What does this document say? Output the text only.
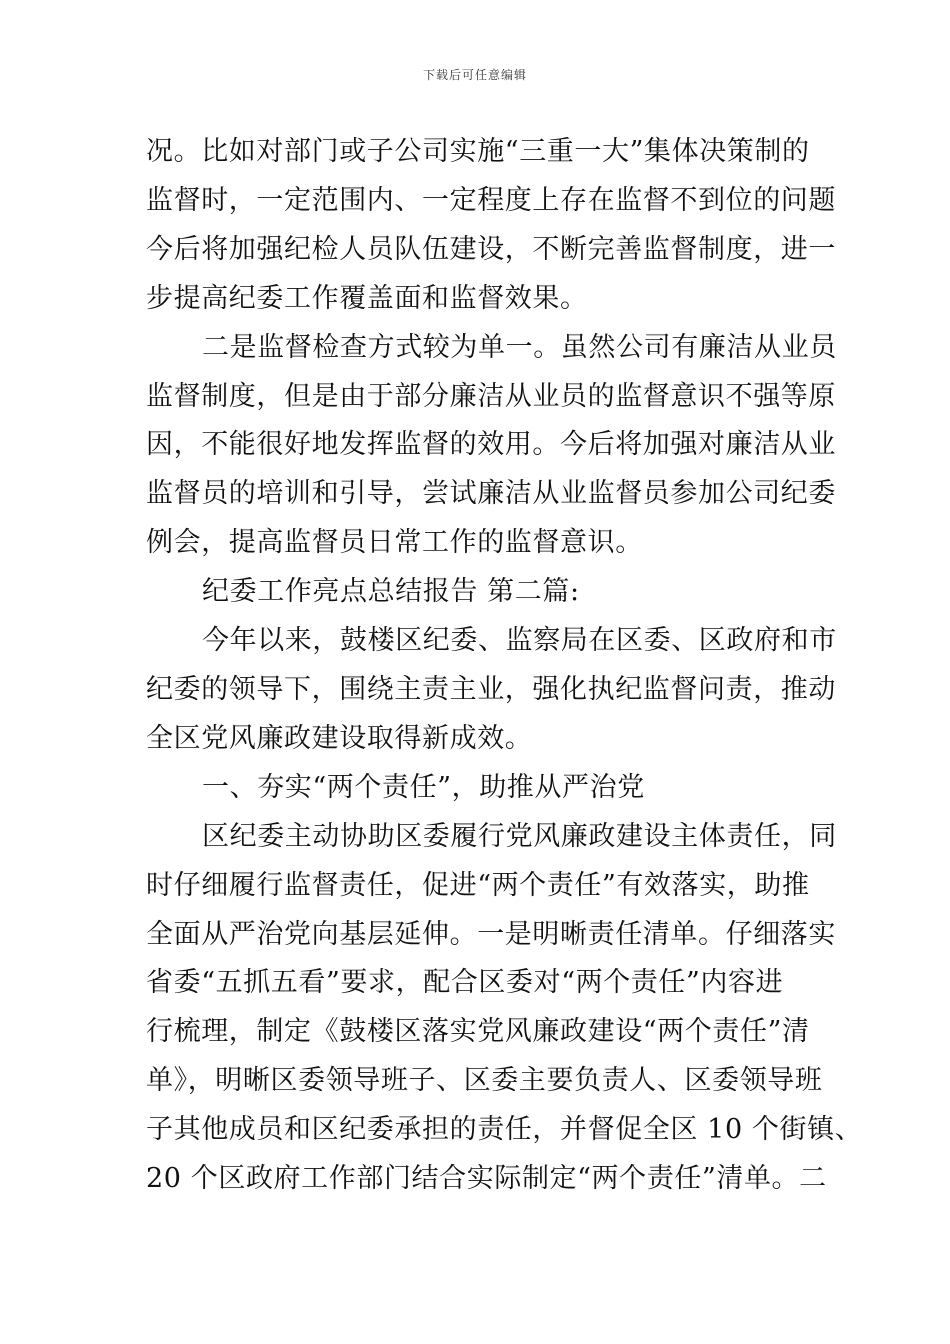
下载后可任意编辑
况。比如对部门或子公司实施“三重一大”集体决策制的
监督时，一定范围内、一定程度上存在监督不到位的问题
今后将加强纪检人员队伍建设，不断完善监督制度，进一
步提高纪委工作覆盖面和监督效果。
二是监督检查方式较为单一。虽然公司有廉洁从业员
监督制度，但是由于部分廉洁从业员的监督意识不强等原
因，不能很好地发挥监督的效用。今后将加强对廉洁从业
监督员的培训和引导，尝试廉洁从业监督员参加公司纪委
例会，提高监督员日常工作的监督意识。
纪委工作亮点总结报告 第二篇:
今年以来，鼓楼区纪委、监察局在区委、区政府和市
纪委的领导下，围绕主责主业，强化执纪监督问责，推动
全区党风廉政建设取得新成效。
一、夯实“两个责任”，助推从严治党
区纪委主动协助区委履行党风廉政建设主体责任，同
时仔细履行监督责任，促进“两个责任”有效落实，助推
全面从严治党向基层延伸。一是明晰责任清单。仔细落实
省委“五抓五看”要求，配合区委对“两个责任”内容进
行梳理，制定《鼓楼区落实党风廉政建设“两个责任”清
单》，明晰区委领导班子、区委主要负责人、区委领导班
子其他成员和区纪委承担的责任，并督促全区 10 个街镇、
20 个区政府工作部门结合实际制定“两个责任”清单。二
